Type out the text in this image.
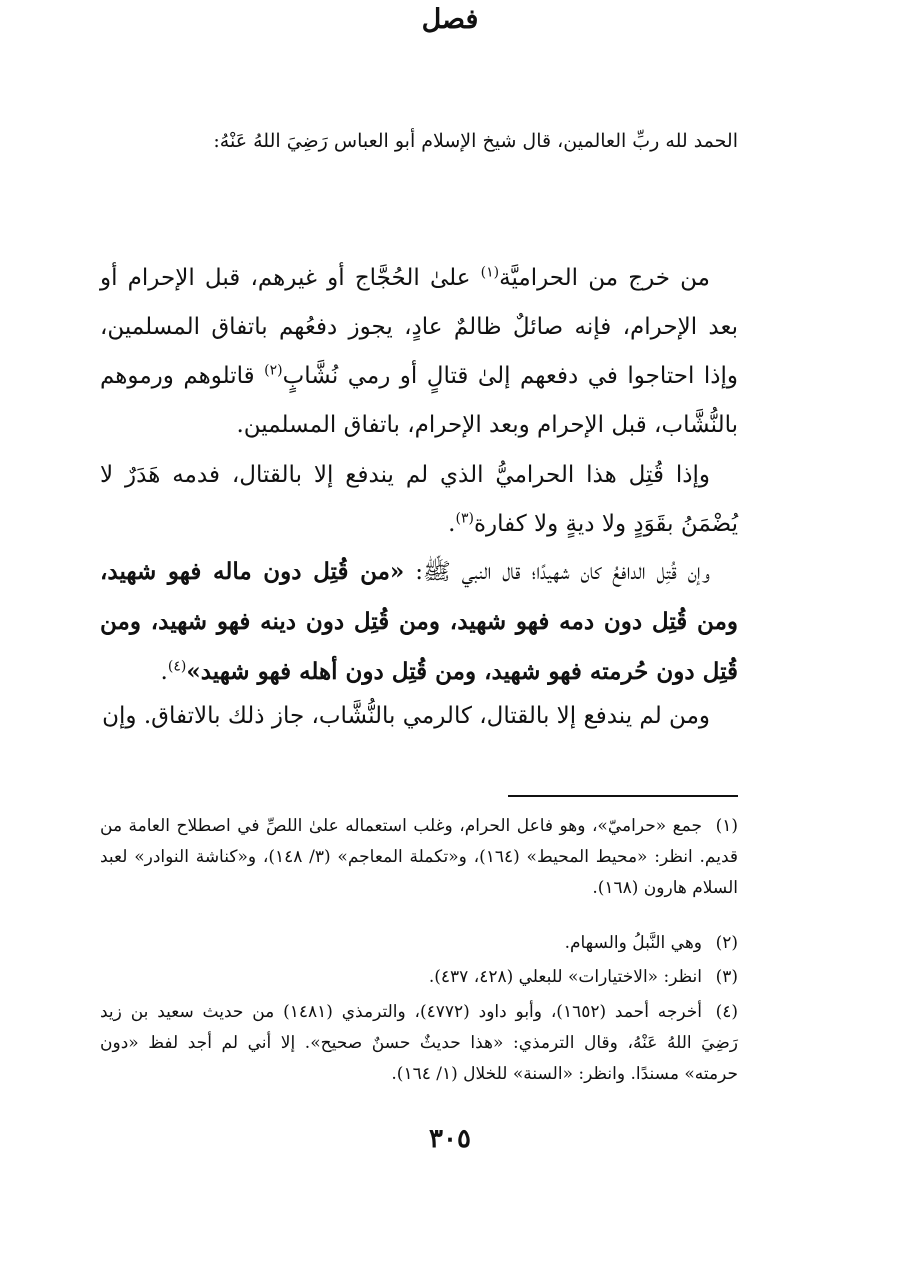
الحمد لله ربِّ العالمين، قال شيخ الإسلام أبو العباس رَضِيَ اللهُ عَنْهُ:
فصل

من خرج من الحراميَّة$^{(١)}$ علىٰ الحُجَّاج أو غيرهم، قبل الإحرام أو بعد الإحرام، فإنه صائلٌ ظالمٌ عادٍ، يجوز دفعُهم باتفاق المسلمين، وإذا احتاجوا في دفعهم إلىٰ قتالٍ أو رمي نُشَّابٍ$^{(٢)}$ قاتلوهم ورموهم بالنُّشَّاب، قبل الإحرام وبعد الإحرام، باتفاق المسلمين.

وإذا قُتِل هذا الحراميُّ الذي لم يندفع إلا بالقتال، فدمه هَدَرٌ لا يُضْمَنُ بقَوَدٍ ولا ديةٍ ولا كفارة$^{(٣)}$.

وإن قُتِل الدافعُ كان شهيدًا؛ قال النبي ﷺ: «من قُتِل دون ماله فهو شهيد، ومن قُتِل دون دمه فهو شهيد، ومن قُتِل دون دينه فهو شهيد، ومن قُتِل دون حُرمته فهو شهيد، ومن قُتِل دون أهله فهو شهيد»$^{(٤)}$.

ومن لم يندفع إلا بالقتال، كالرمي بالنُّشَّاب، جاز ذلك بالاتفاق. وإن

(١)جمع «حراميّ»، وهو فاعل الحرام، وغلب استعماله علىٰ اللصِّ في اصطلاح العامة من قديم. انظر: «محيط المحيط» (١٦٤)، و«تكملة المعاجم» (٣/ ١٤٨)، و«كناشة النوادر» لعبد السلام هارون (١٦٨).
(٢)وهي النَّبلُ والسهام.
(٣)انظر: «الاختيارات» للبعلي (٤٢٨، ٤٣٧).
(٤)أخرجه أحمد (١٦٥٢)، وأبو داود (٤٧٧٢)، والترمذي (١٤٨١) من حديث سعيد بن زيد رَضِيَ اللهُ عَنْهُ، وقال الترمذي: «هذا حديثٌ حسنٌ صحيح». إلا أني لم أجد لفظ «دون حرمته» مسندًا. وانظر: «السنة» للخلال (١/ ١٦٤).
٣٠٥
